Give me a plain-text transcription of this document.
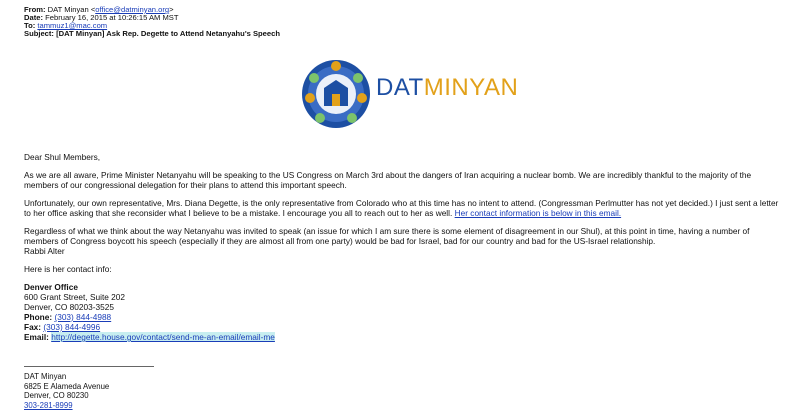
From: DAT Minyan <office@datminyan.org>
Date: February 16, 2015 at 10:26:15 AM MST
To: tammuz1@mac.com
Subject: [DAT Minyan] Ask Rep. Degette to Attend Netanyahu's Speech
DATMINYAN

Dear Shul Members,

As we are all aware, Prime Minister Netanyahu will be speaking to the US Congress on March 3rd about the dangers of Iran acquiring a nuclear bomb. We are incredibly thankful to the majority of the members of our congressional delegation for their plans to attend this important speech.

Unfortunately, our own representative, Mrs. Diana Degette, is the only representative from Colorado who at this time has no intent to attend. (Congressman Perlmutter has not yet decided.) I just sent a letter to her office asking that she reconsider what I believe to be a mistake. I encourage you all to reach out to her as well. Her contact information is below in this email.

Regardless of what we think about the way Netanyahu was invited to speak (an issue for which I am sure there is some element of disagreement in our Shul), at this point in time, having a number of members of Congress boycott his speech (especially if they are almost all from one party) would be bad for Israel, bad for our country and bad for the US-Israel relationship.

Rabbi Alter

Here is her contact info:

Denver Office

600 Grant Street, Suite 202

Denver, CO 80203-3525

Phone: (303) 844-4988

Fax: (303) 844-4996

Email: http://degette.house.gov/contact/send-me-an-email/email-me

DAT Minyan
6825 E Alameda Avenue
Denver, CO 80230
303-281-8999
